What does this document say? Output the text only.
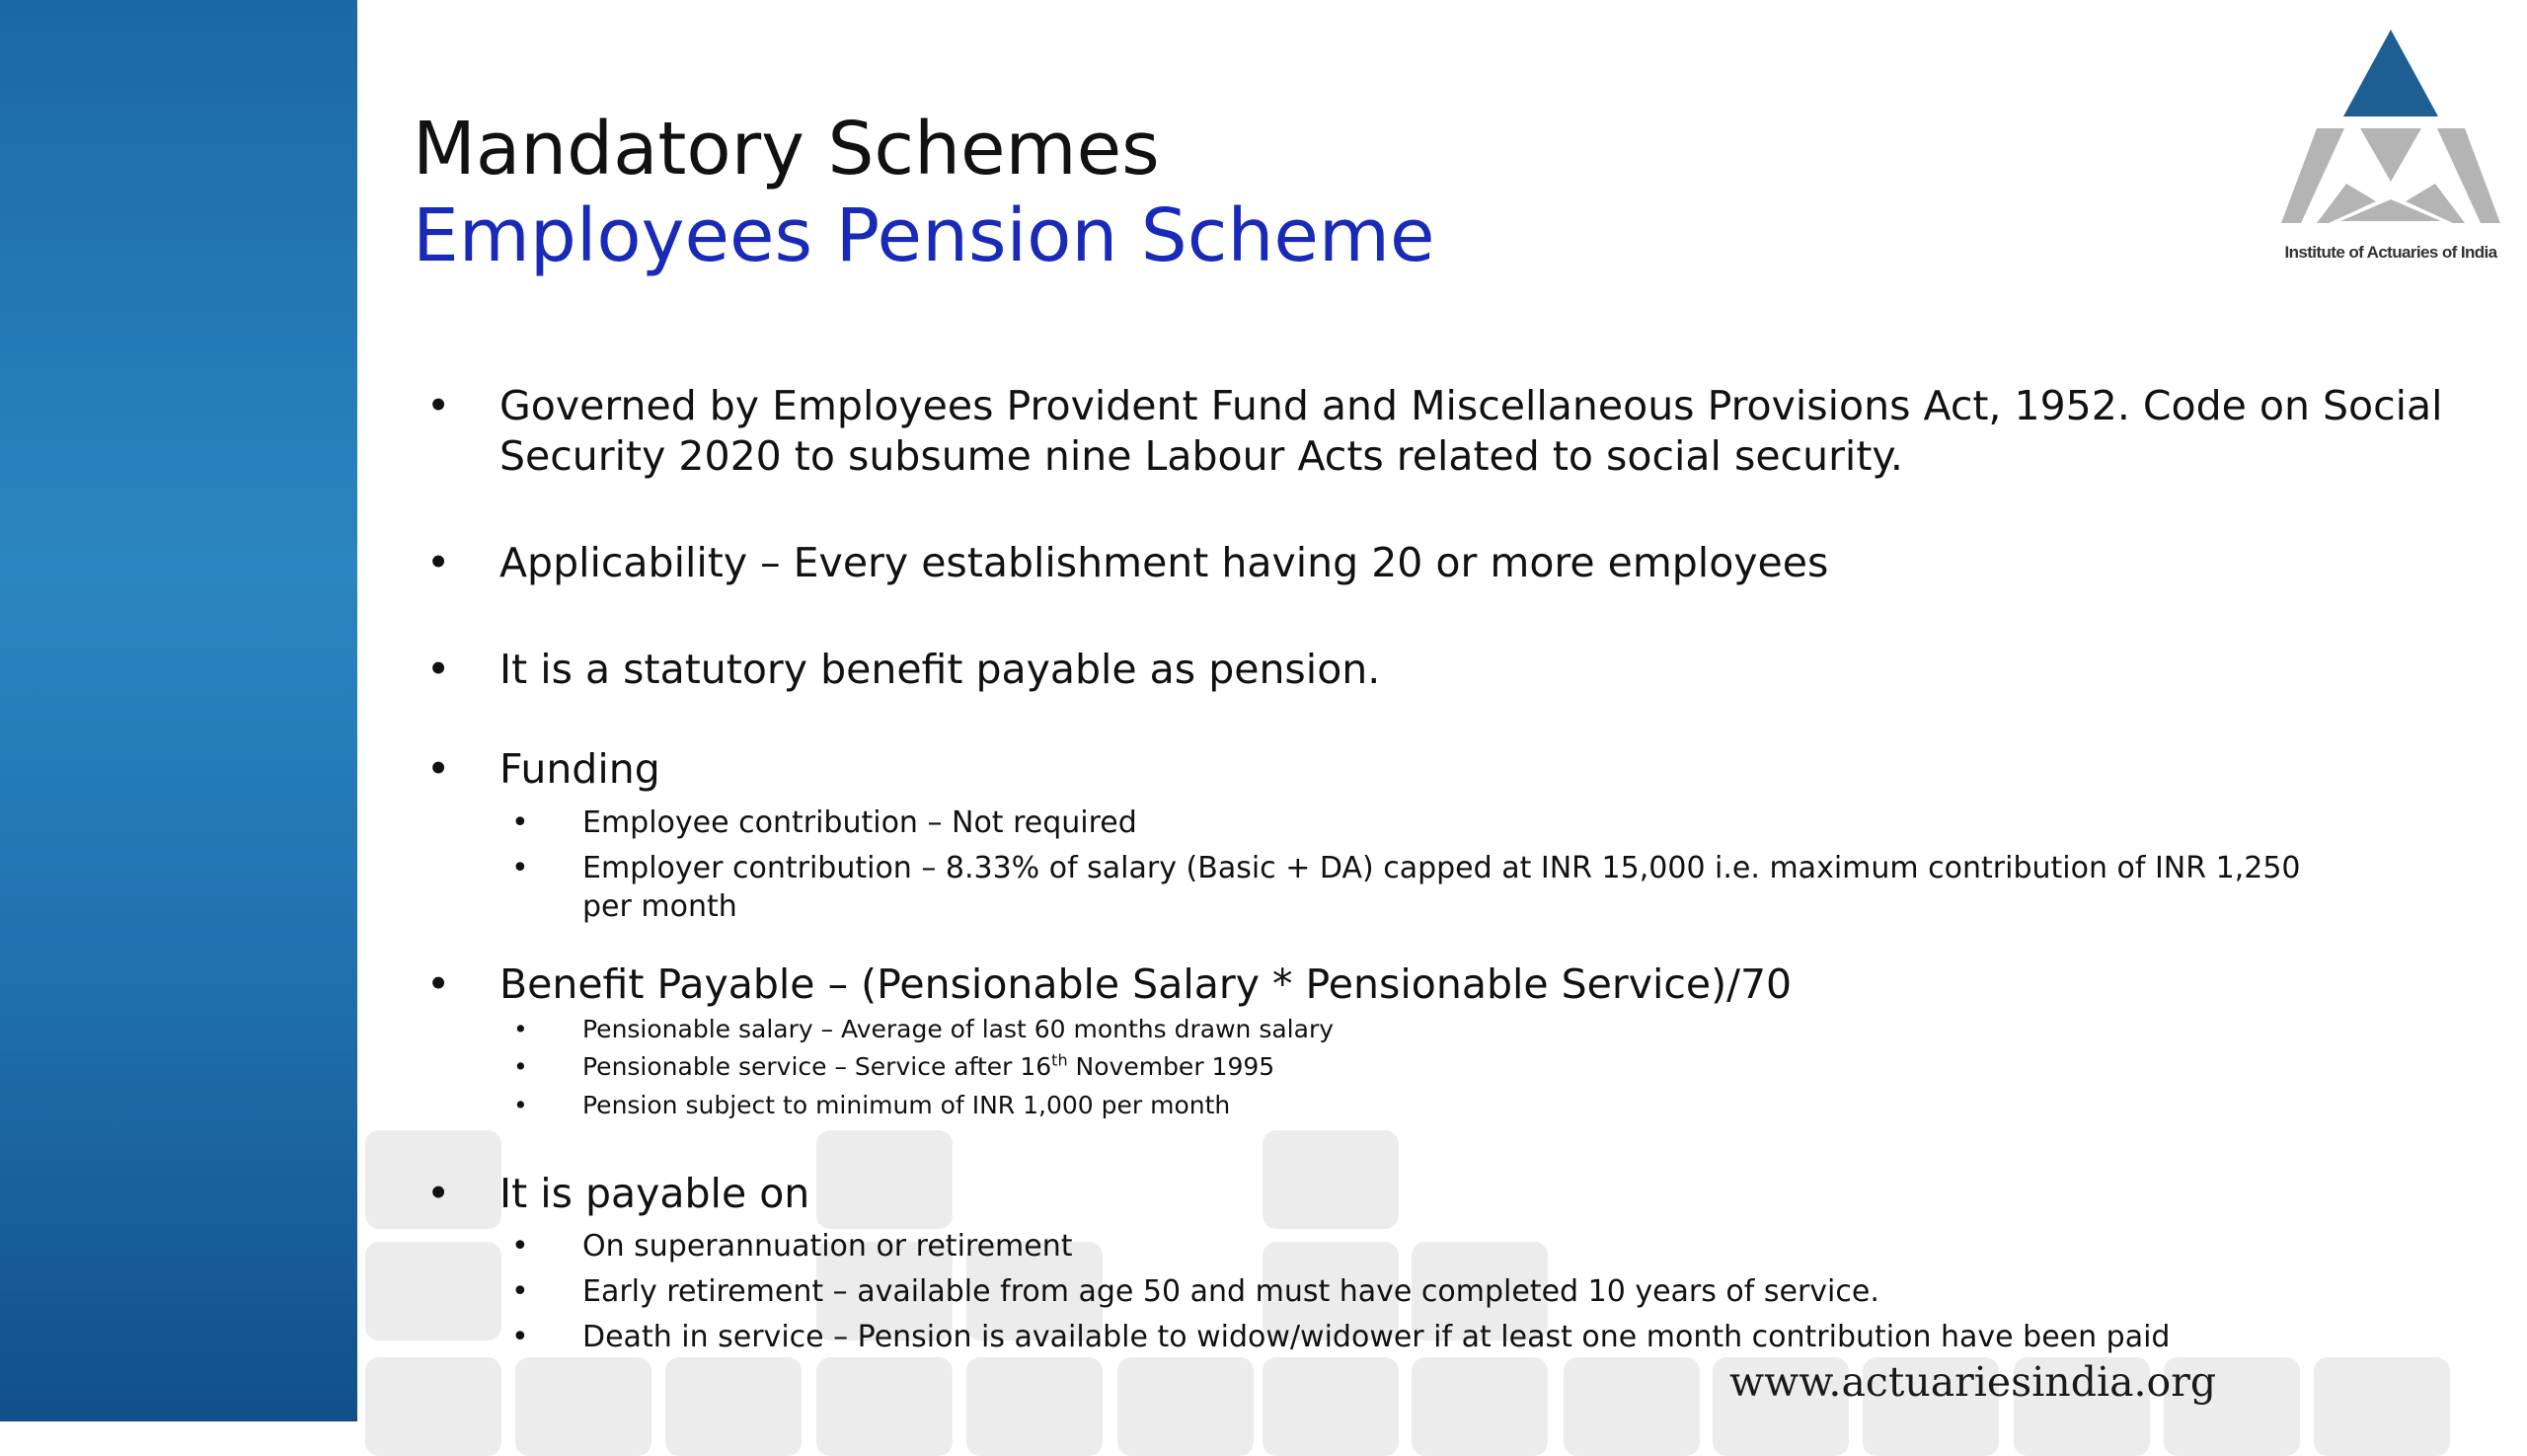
Mandatory Schemes
Employees Pension Scheme	Institute of Actuaries of India
• Governed by Employees Provident Fund and Miscellaneous Provisions Act, 1952. Code on Social Security 2020 to subsume nine Labour Acts related to social security.
• Applicability – Every establishment having 20 or more employees
• It is a statutory benefit payable as pension.
• Funding
• Employee contribution – Not required
• Employer contribution – 8.33% of salary (Basic + DA) capped at INR 15,000 i.e. maximum contribution of INR 1,250 per month
• Benefit Payable – (Pensionable Salary * Pensionable Service)/70
• Pensionable salary – Average of last 60 months drawn salary
• Pensionable service – Service after 16th November 1995
• Pension subject to minimum of INR 1,000 per month
• It is payable on
• On superannuation or retirement
• Early retirement – available from age 50 and must have completed 10 years of service.
• Death in service – Pension is available to widow/widower if at least one month contribution have been paid
www.actuariesindia.org
